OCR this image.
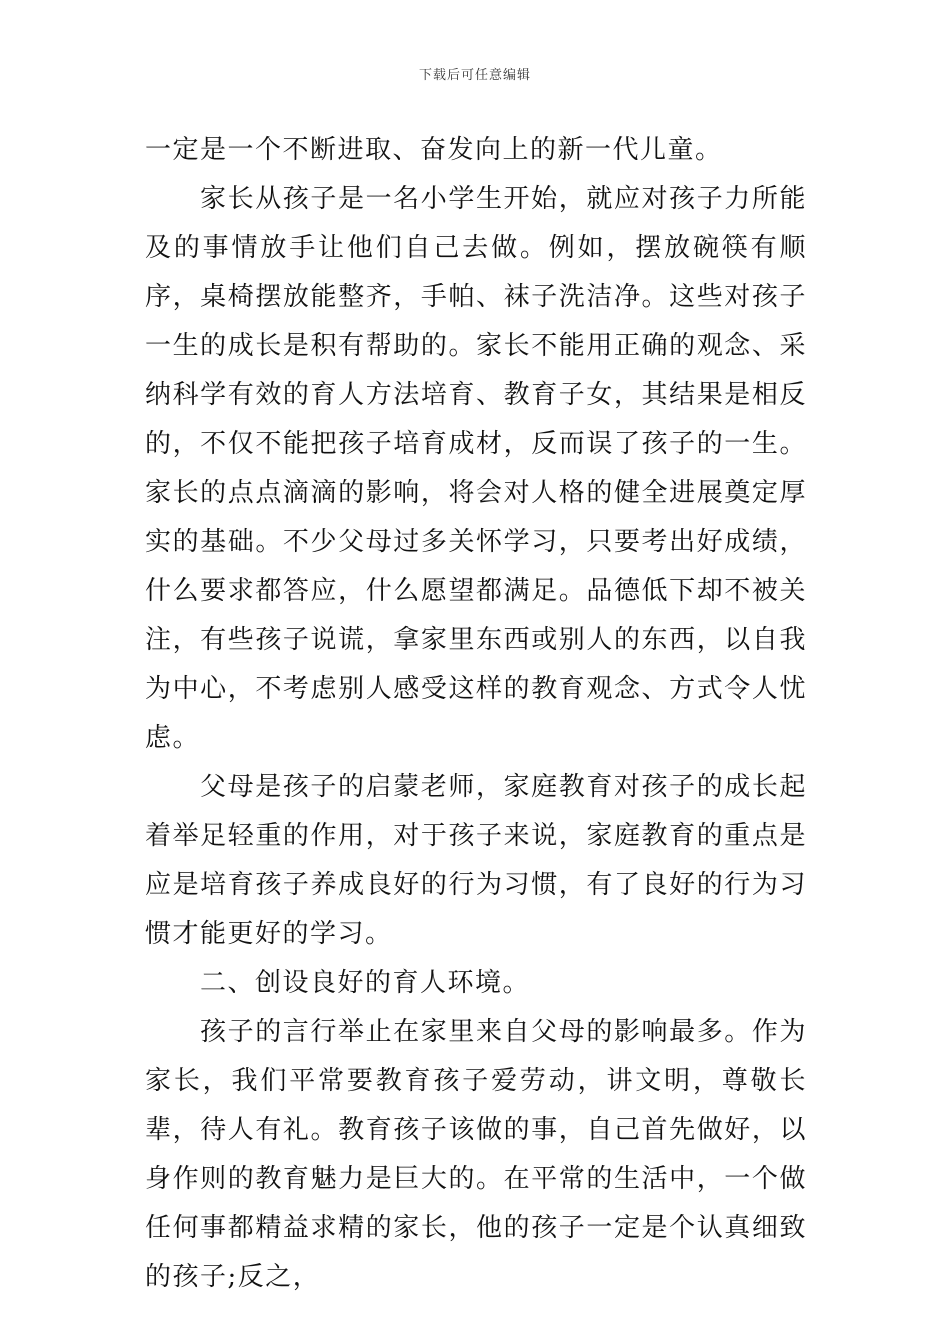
下载后可任意编辑

一定是一个不断进取、奋发向上的新一代儿童。

家长从孩子是一名小学生开始，就应对孩子力所能及的事情放手让他们自己去做。例如，摆放碗筷有顺序，桌椅摆放能整齐，手帕、袜子洗洁净。这些对孩子一生的成长是积有帮助的。家长不能用正确的观念、采纳科学有效的育人方法培育、教育子女，其结果是相反的，不仅不能把孩子培育成材，反而误了孩子的一生。家长的点点滴滴的影响，将会对人格的健全进展奠定厚实的基础。不少父母过多关怀学习，只要考出好成绩，什么要求都答应，什么愿望都满足。品德低下却不被关注，有些孩子说谎，拿家里东西或别人的东西，以自我为中心，不考虑别人感受这样的教育观念、方式令人忧虑。

父母是孩子的启蒙老师，家庭教育对孩子的成长起着举足轻重的作用，对于孩子来说，家庭教育的重点是应是培育孩子养成良好的行为习惯，有了良好的行为习惯才能更好的学习。

二、创设良好的育人环境。

孩子的言行举止在家里来自父母的影响最多。作为家长，我们平常要教育孩子爱劳动，讲文明，尊敬长辈，待人有礼。教育孩子该做的事，自己首先做好，以身作则的教育魅力是巨大的。在平常的生活中，一个做任何事都精益求精的家长，他的孩子一定是个认真细致的孩子;反之，
